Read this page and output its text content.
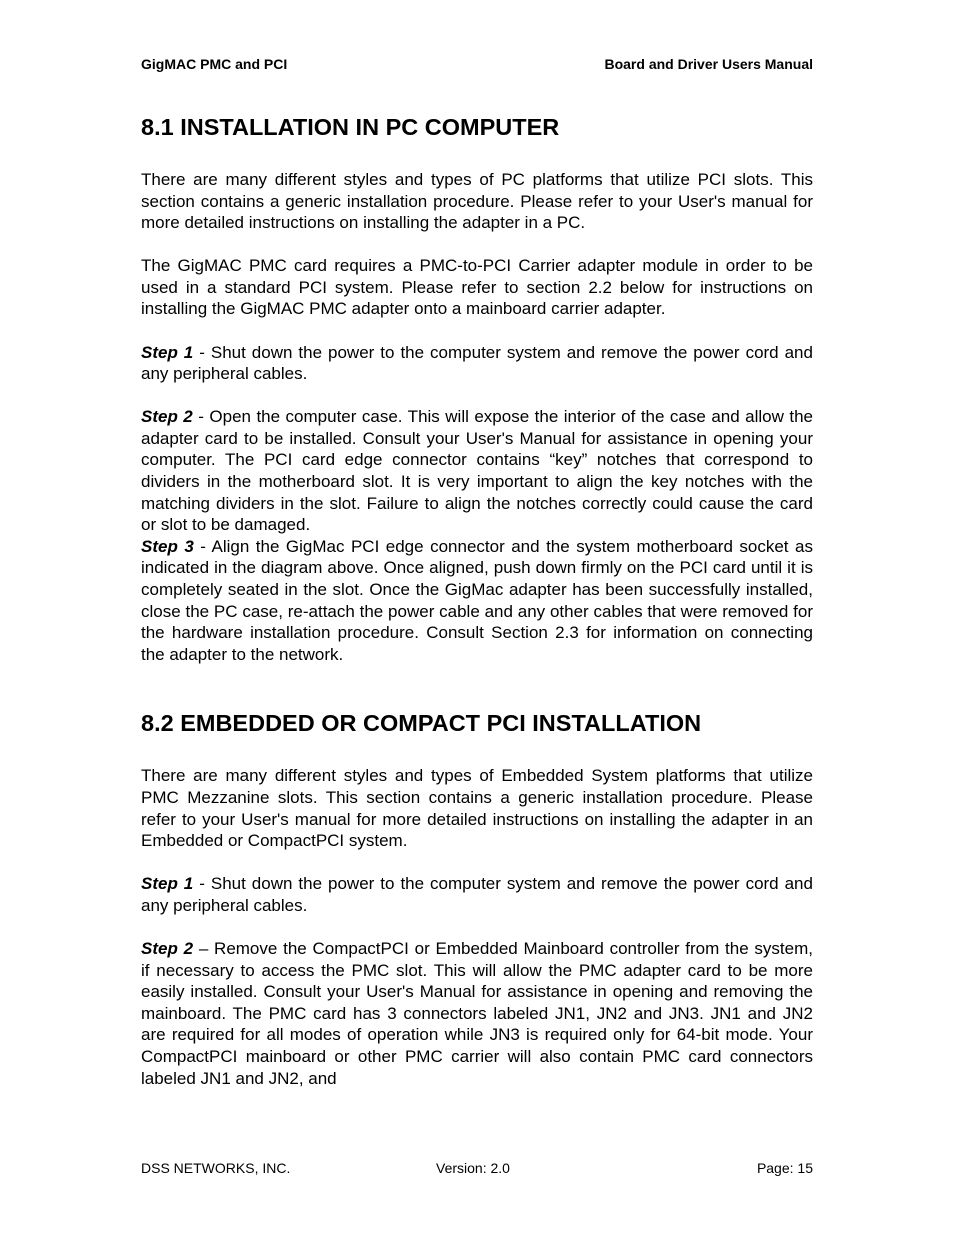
GigMAC PMC and PCI	Board and Driver Users Manual
8.1 INSTALLATION IN PC COMPUTER

There are many different styles and types of PC platforms that utilize PCI slots. This section contains a generic installation procedure. Please refer to your User's manual for more detailed instructions on installing the adapter in a PC.

The GigMAC PMC card requires a PMC-to-PCI Carrier adapter module in order to be used in a standard PCI system. Please refer to section 2.2 below for instructions on installing the GigMAC PMC adapter onto a mainboard carrier adapter.

Step 1 - Shut down the power to the computer system and remove the power cord and any peripheral cables.

Step 2 - Open the computer case. This will expose the interior of the case and allow the adapter card to be installed. Consult your User's Manual for assistance in opening your computer. The PCI card edge connector contains “key” notches that correspond to dividers in the motherboard slot. It is very important to align the key notches with the matching dividers in the slot. Failure to align the notches correctly could cause the card or slot to be damaged.

Step 3 - Align the GigMac PCI edge connector and the system motherboard socket as indicated in the diagram above. Once aligned, push down firmly on the PCI card until it is completely seated in the slot. Once the GigMac adapter has been successfully installed, close the PC case, re-attach the power cable and any other cables that were removed for the hardware installation procedure. Consult Section 2.3 for information on connecting the adapter to the network.

8.2 EMBEDDED OR COMPACT PCI INSTALLATION

There are many different styles and types of Embedded System platforms that utilize PMC Mezzanine slots. This section contains a generic installation procedure. Please refer to your User's manual for more detailed instructions on installing the adapter in an Embedded or CompactPCI system.

Step 1 - Shut down the power to the computer system and remove the power cord and any peripheral cables.

Step 2 – Remove the CompactPCI or Embedded Mainboard controller from the system, if necessary to access the PMC slot. This will allow the PMC adapter card to be more easily installed. Consult your User's Manual for assistance in opening and removing the mainboard. The PMC card has 3 connectors labeled JN1, JN2 and JN3. JN1 and JN2 are required for all modes of operation while JN3 is required only for 64-bit mode. Your CompactPCI mainboard or other PMC carrier will also contain PMC card connectors labeled JN1 and JN2, and

DSS NETWORKS, INC.	Version: 2.0	Page: 15
